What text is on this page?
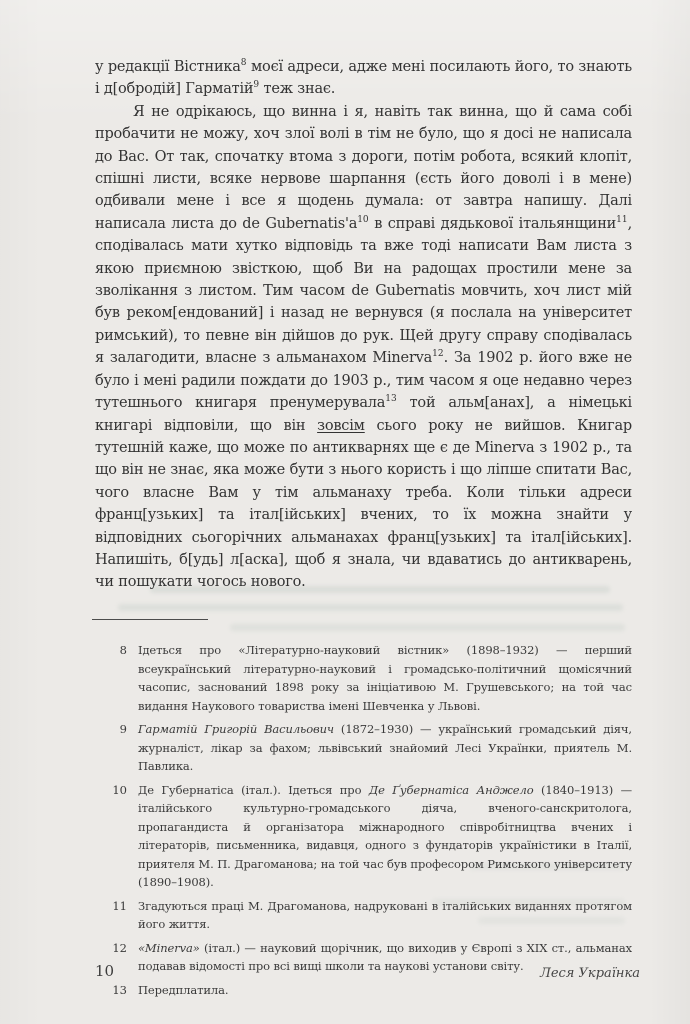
у редакції Вістника$^8$ моєї адреси, адже мені посилають його, то знають і д[обродій] Гарматій$^9$ теж знає.

Я не одрікаюсь, що винна і я, навіть так винна, що й сама собі пробачити не можу, хоч злої волі в тім не було, що я досі не написала до Вас. От так, спочатку втома з дороги, потім робота, всякий клопіт, спішні листи, всяке нервове шарпання (єсть його доволі і в мене) одбивали мене і все я щодень думала: от завтра напишу. Далі написала листа до de Gubernatis'a$^{10}$ в справі дядькової італьянщини$^{11}$, сподівалась мати хутко відповідь та вже тоді написати Вам листа з якою приємною звісткою, щоб Ви на радощах простили мене за зволікання з листом. Тим часом de Gubernatis мовчить, хоч лист мій був реком[ендований] і назад не вернувся (я послала на університет римський), то певне він дійшов до рук. Щей другу справу сподівалась я залагодити, власне з альманахом Minerva$^{12}$. За 1902 р. його вже не було і мені радили пождати до 1903 р., тим часом я оце недавно через тутешнього книгаря пренумерувала$^{13}$ той альм[анах], а німецькі книгарі відповіли, що він зовсім сього року не вийшов. Книгар тутешній каже, що може по антикварнях ще є де Minerva з 1902 р., та що він не знає, яка може бути з нього користь і що ліпше спитати Вас, чого власне Вам у тім альманаху треба. Коли тільки адреси франц[узьких] та італ[ійських] вчених, то їх можна знайти у відповідних сьогорічних альманахах франц[узьких] та італ[ійських]. Напишіть, б[удь] л[аска], щоб я знала, чи вдаватись до антикварень, чи пошукати чогось нового.

8 Ідеться про «Літературно-науковий вістник» (1898–1932) — перший всеукраїнський літературно-науковий і громадсько-політичний щомісячний часопис, заснований 1898 року за ініціативою М. Грушевського; на той час видання Наукового товариства імені Шевченка у Львові.
9 Гарматій Григорій Васильович (1872–1930) — український громадський діяч, журналіст, лікар за фахом; львівський знайомий Лесі Українки, приятель М. Павлика.
10 Де Губернатіса (італ.). Ідеться про Де Ґубернатіса Анджело (1840–1913) — італійського культурно-громадського діяча, вченого-санскритолога, пропагандиста й організатора міжнародного співробітництва вчених і літераторів, письменника, видавця, одного з фундаторів україністики в Італії, приятеля М. П. Драгоманова; на той час був професором Римського університету (1890–1908).
11 Згадуються праці М. Драгоманова, надруковані в італійських виданнях протягом його життя.
12 «Minerva» (італ.) — науковий щорічник, що виходив у Європі з XIX ст., альманах подавав відомості про всі вищі школи та наукові установи світу.
13 Передплатила.
10	Леся Українка
